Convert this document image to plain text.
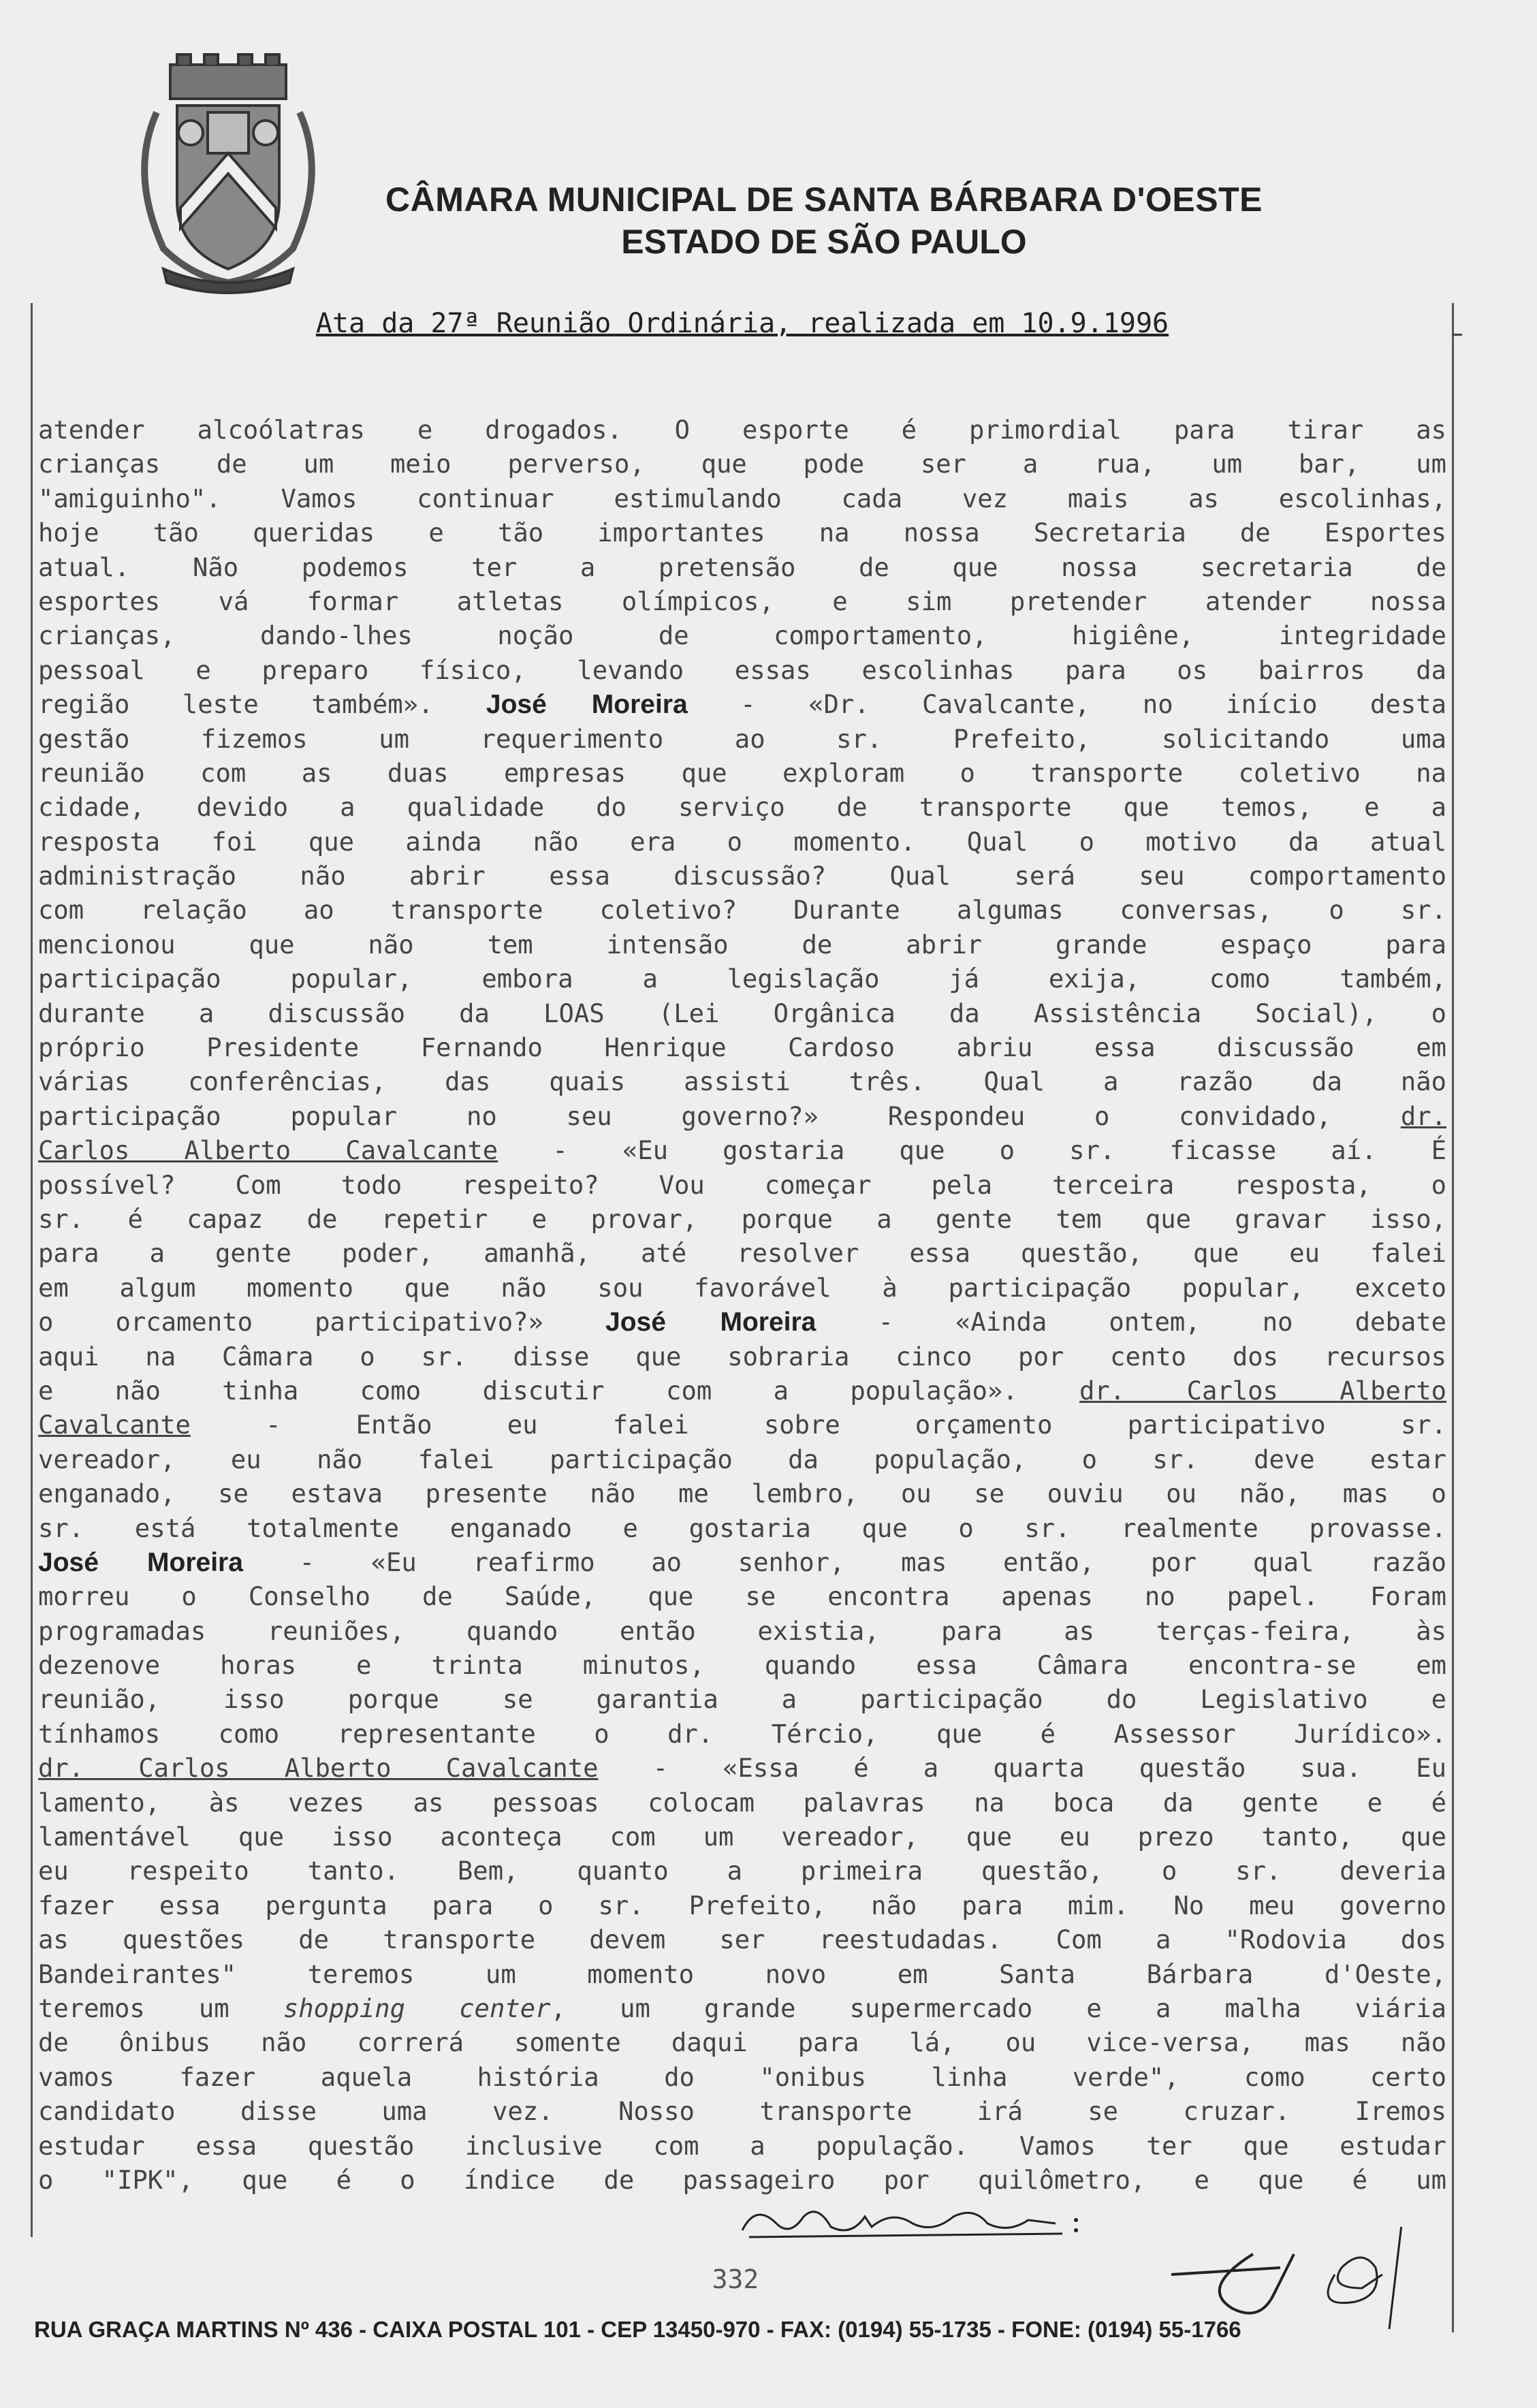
CÂMARA MUNICIPAL DE SANTA BÁRBARA D'OESTE
ESTADO DE SÃO PAULO
Ata da 27ª Reunião Ordinária, realizada em 10.9.1996
atender alcoólatras e drogados. O esporte é primordial para tirar as
crianças de um meio perverso, que pode ser a rua, um bar, um
"amiguinho". Vamos continuar estimulando cada vez mais as escolinhas,
hoje tão queridas e tão importantes na nossa Secretaria de Esportes
atual. Não podemos ter a pretensão de que nossa secretaria de
esportes vá formar atletas olímpicos, e sim pretender atender nossa
crianças, dando-lhes noção de comportamento, higiêne, integridade
pessoal e preparo físico, levando essas escolinhas para os bairros da
região leste também». José Moreira - «Dr. Cavalcante, no início desta
gestão fizemos um requerimento ao sr. Prefeito, solicitando uma
reunião com as duas empresas que exploram o transporte coletivo na
cidade, devido a qualidade do serviço de transporte que temos, e a
resposta foi que ainda não era o momento. Qual o motivo da atual
administração não abrir essa discussão? Qual será seu comportamento
com relação ao transporte coletivo? Durante algumas conversas, o sr.
mencionou que não tem intensão de abrir grande espaço para
participação popular, embora a legislação já exija, como também,
durante a discussão da LOAS (Lei Orgânica da Assistência Social), o
próprio Presidente Fernando Henrique Cardoso abriu essa discussão em
várias conferências, das quais assisti três. Qual a razão da não
participação popular no seu governo?» Respondeu o convidado, dr.
Carlos Alberto Cavalcante - «Eu gostaria que o sr. ficasse aí. É
possível? Com todo respeito? Vou começar pela terceira resposta, o
sr. é capaz de repetir e provar, porque a gente tem que gravar isso,
para a gente poder, amanhã, até resolver essa questão, que eu falei
em algum momento que não sou favorável à participação popular, exceto
o orcamento participativo?» José Moreira - «Ainda ontem, no debate
aqui na Câmara o sr. disse que sobraria cinco por cento dos recursos
e não tinha como discutir com a população». dr. Carlos Alberto
Cavalcante - Então eu falei sobre orçamento participativo sr.
vereador, eu não falei participação da população, o sr. deve estar
enganado, se estava presente não me lembro, ou se ouviu ou não, mas o
sr. está totalmente enganado e gostaria que o sr. realmente provasse.
José Moreira - «Eu reafirmo ao senhor, mas então, por qual razão
morreu o Conselho de Saúde, que se encontra apenas no papel. Foram
programadas reuniões, quando então existia, para as terças-feira, às
dezenove horas e trinta minutos, quando essa Câmara encontra-se em
reunião, isso porque se garantia a participação do Legislativo e
tínhamos como representante o dr. Tércio, que é Assessor Jurídico».
dr. Carlos Alberto Cavalcante - «Essa é a quarta questão sua. Eu
lamento, às vezes as pessoas colocam palavras na boca da gente e é
lamentável que isso aconteça com um vereador, que eu prezo tanto, que
eu respeito tanto. Bem, quanto a primeira questão, o sr. deveria
fazer essa pergunta para o sr. Prefeito, não para mim. No meu governo
as questões de transporte devem ser reestudadas. Com a "Rodovia dos
Bandeirantes" teremos um momento novo em Santa Bárbara d'Oeste,
teremos um shopping center, um grande supermercado e a malha viária
de ônibus não correrá somente daqui para lá, ou vice-versa, mas não
vamos fazer aquela história do "onibus linha verde", como certo
candidato disse uma vez. Nosso transporte irá se cruzar. Iremos
estudar essa questão inclusive com a população. Vamos ter que estudar
o "IPK", que é o índice de passageiro por quilômetro, e que é um
332
RUA GRAÇA MARTINS Nº 436 - CAIXA POSTAL 101 - CEP 13450-970 - FAX: (0194) 55-1735 - FONE: (0194) 55-1766
